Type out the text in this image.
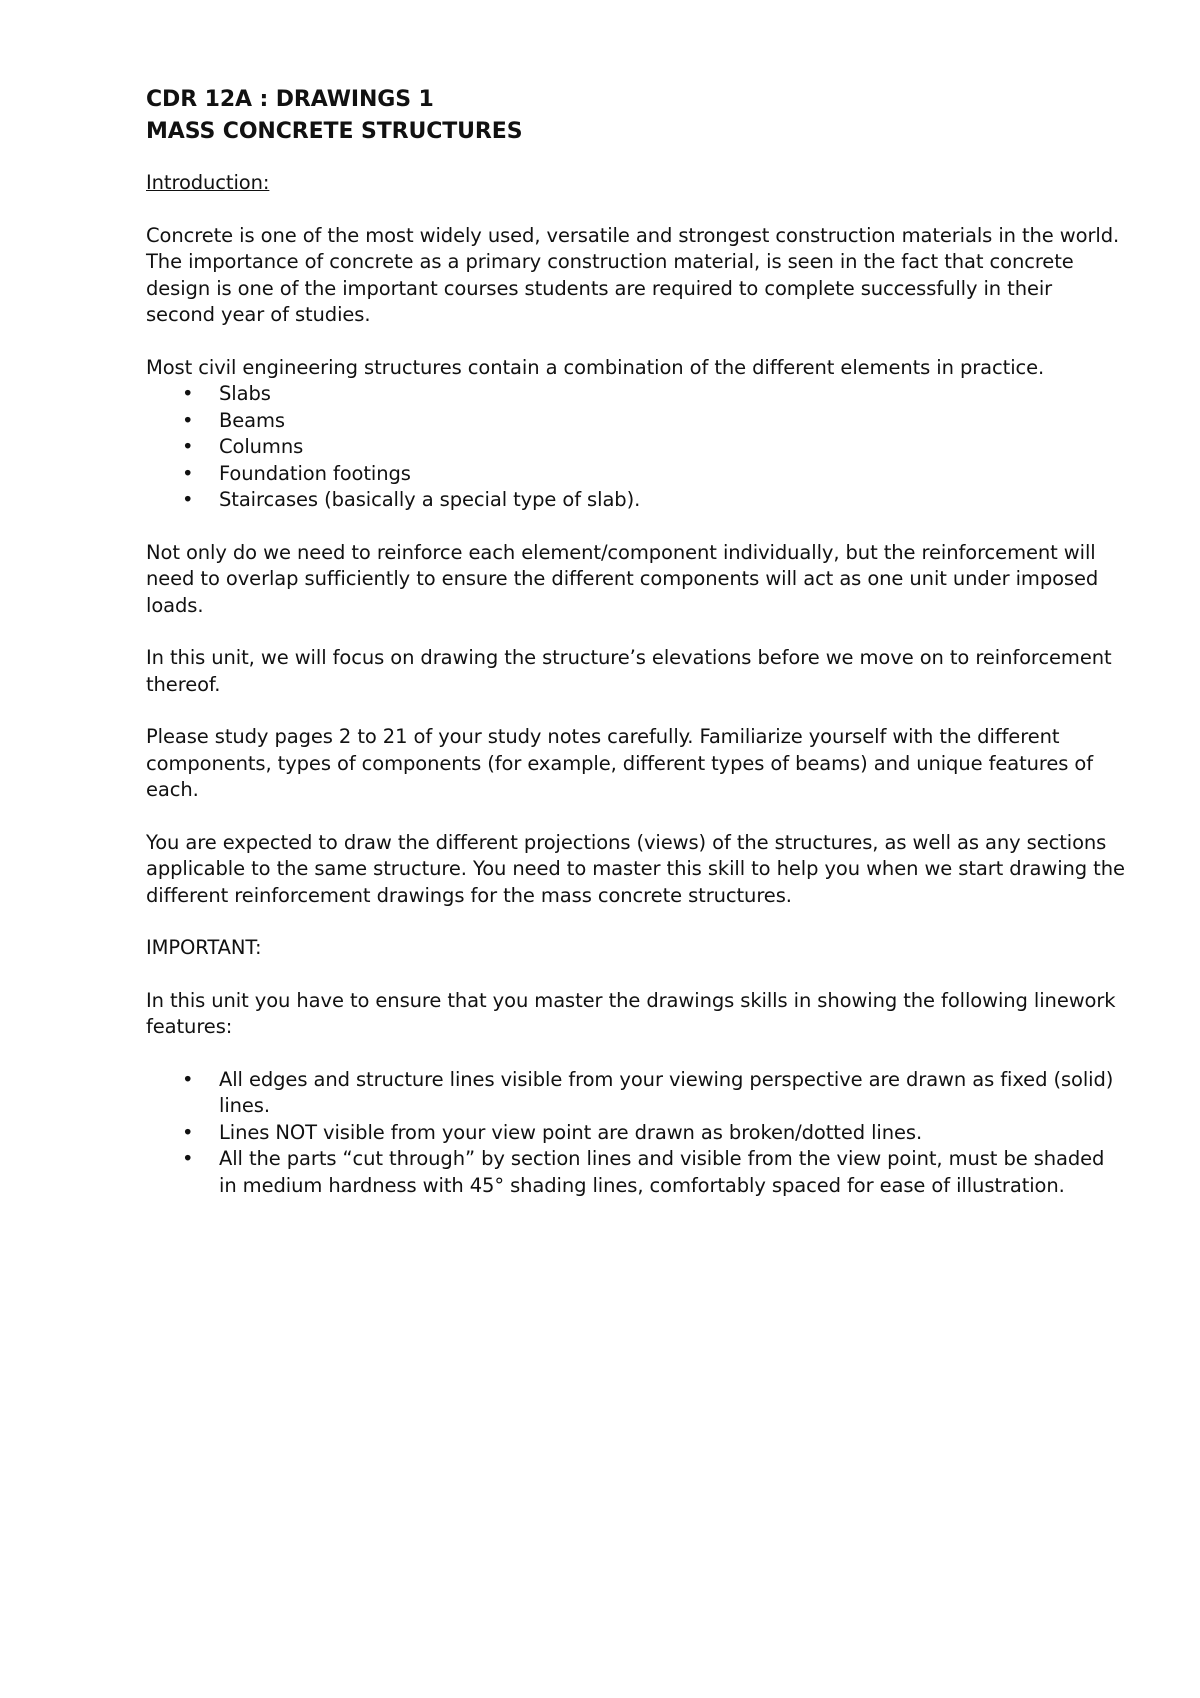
CDR 12A : DRAWINGS 1
MASS CONCRETE STRUCTURES
Introduction:

Concrete is one of the most widely used, versatile and strongest construction materials in the world. The importance of concrete as a primary construction material, is seen in the fact that concrete design is one of the important courses students are required to complete successfully in their second year of studies.

Most civil engineering structures contain a combination of the different elements in practice.

• Slabs
• Beams
• Columns
• Foundation footings
• Staircases (basically a special type of slab).

Not only do we need to reinforce each element/component individually, but the reinforcement will need to overlap sufficiently to ensure the different components will act as one unit under imposed loads.

In this unit, we will focus on drawing the structure’s elevations before we move on to reinforcement thereof.

Please study pages 2 to 21 of your study notes carefully. Familiarize yourself with the different components, types of components (for example, different types of beams) and unique features of each.

You are expected to draw the different projections (views) of the structures, as well as any sections applicable to the same structure. You need to master this skill to help you when we start drawing the different reinforcement drawings for the mass concrete structures.

IMPORTANT:

In this unit you have to ensure that you master the drawings skills in showing the following linework features:

• All edges and structure lines visible from your viewing perspective are drawn as fixed (solid) lines.
• Lines NOT visible from your view point are drawn as broken/dotted lines.
• All the parts “cut through” by section lines and visible from the view point, must be shaded in medium hardness with 45° shading lines, comfortably spaced for ease of illustration.
